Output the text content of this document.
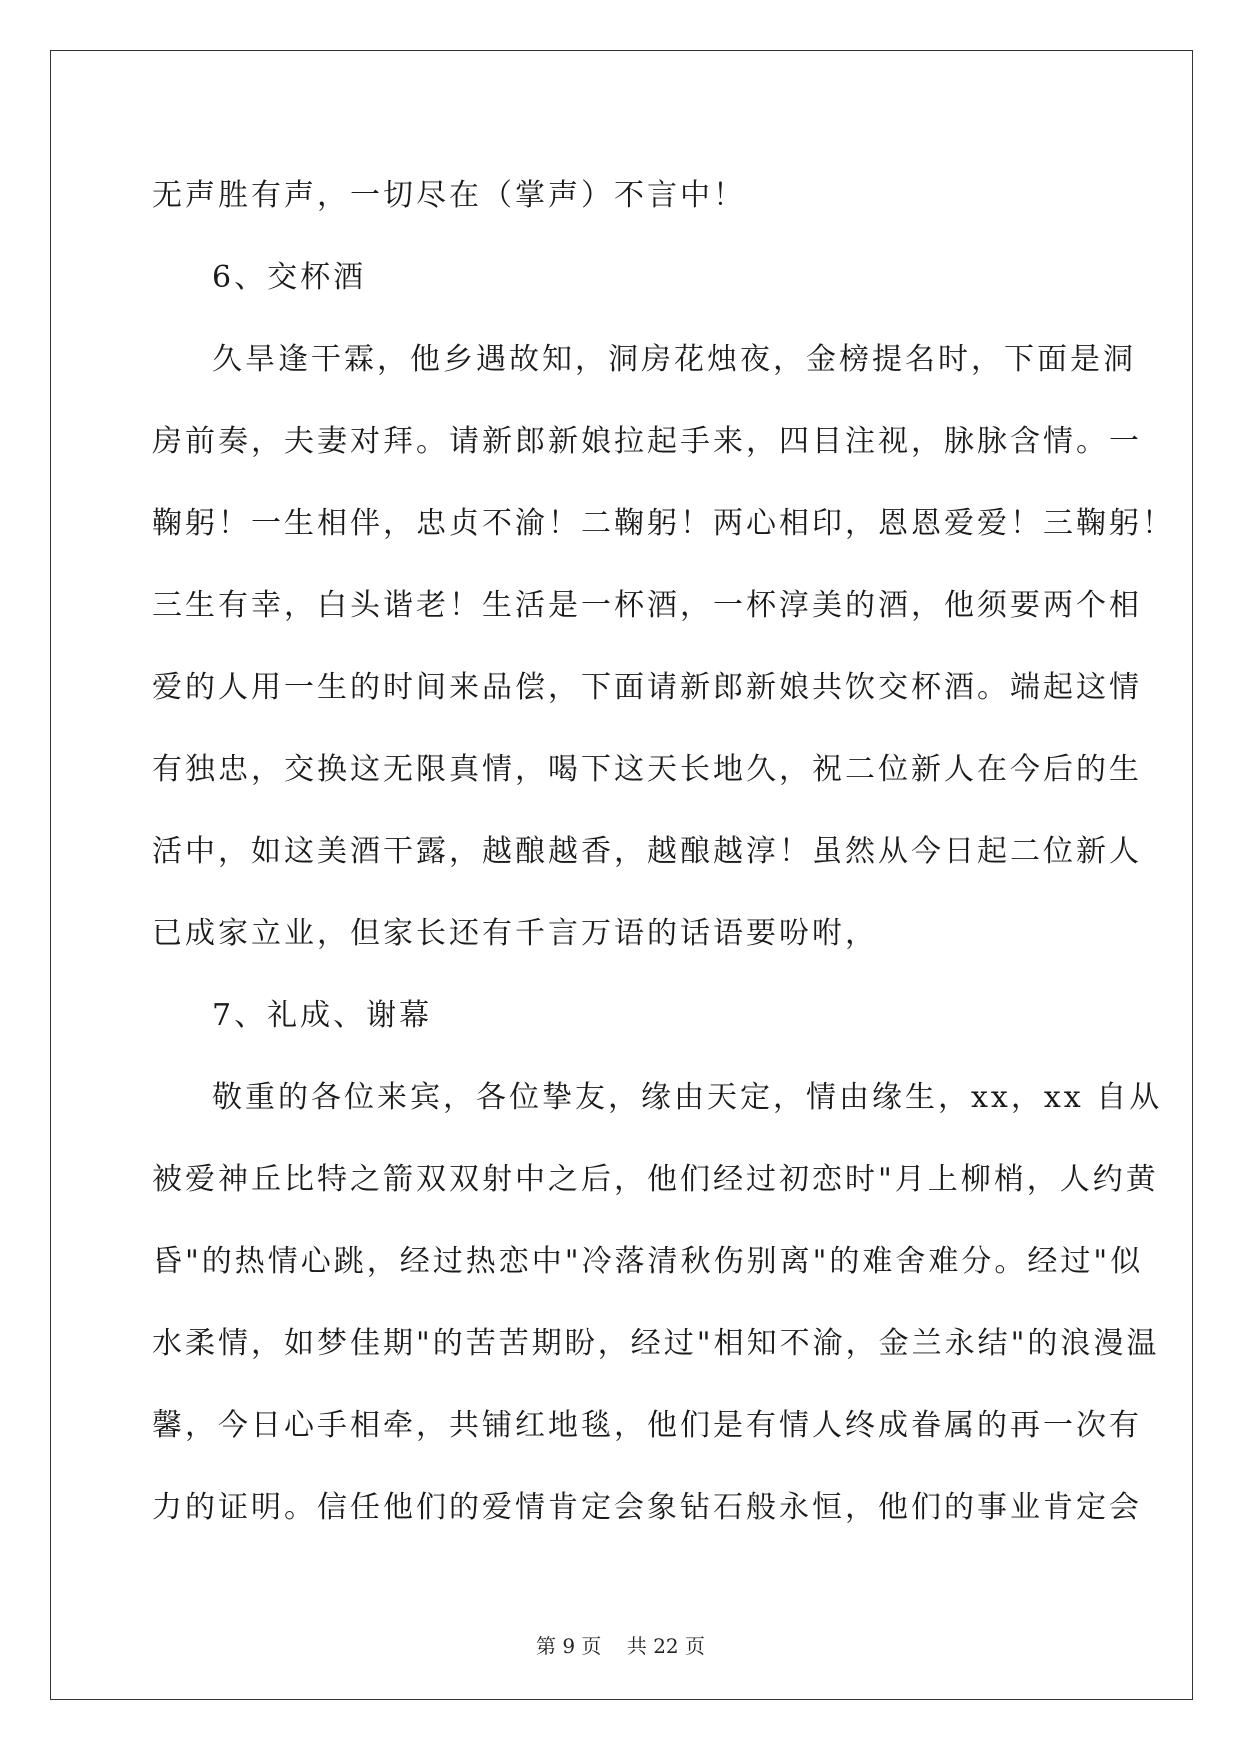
无声胜有声，一切尽在（掌声）不言中！
6、交杯酒
久旱逢干霖，他乡遇故知，洞房花烛夜，金榜提名时，下面是洞
房前奏，夫妻对拜。请新郎新娘拉起手来，四目注视，脉脉含情。一
鞠躬！一生相伴，忠贞不渝！二鞠躬！两心相印，恩恩爱爱！三鞠躬！
三生有幸，白头谐老！生活是一杯酒，一杯淳美的酒，他须要两个相
爱的人用一生的时间来品偿，下面请新郎新娘共饮交杯酒。端起这情
有独忠，交换这无限真情，喝下这天长地久，祝二位新人在今后的生
活中，如这美酒干露，越酿越香，越酿越淳！虽然从今日起二位新人
已成家立业，但家长还有千言万语的话语要吩咐，
7、礼成、谢幕
敬重的各位来宾，各位挚友，缘由天定，情由缘生，xx，xx 自从
被爱神丘比特之箭双双射中之后，他们经过初恋时"月上柳梢，人约黄
昏"的热情心跳，经过热恋中"冷落清秋伤别离"的难舍难分。经过"似
水柔情，如梦佳期"的苦苦期盼，经过"相知不渝，金兰永结"的浪漫温
馨，今日心手相牵，共铺红地毯，他们是有情人终成眷属的再一次有
力的证明。信任他们的爱情肯定会象钻石般永恒，他们的事业肯定会
第 9 页    共 22 页
